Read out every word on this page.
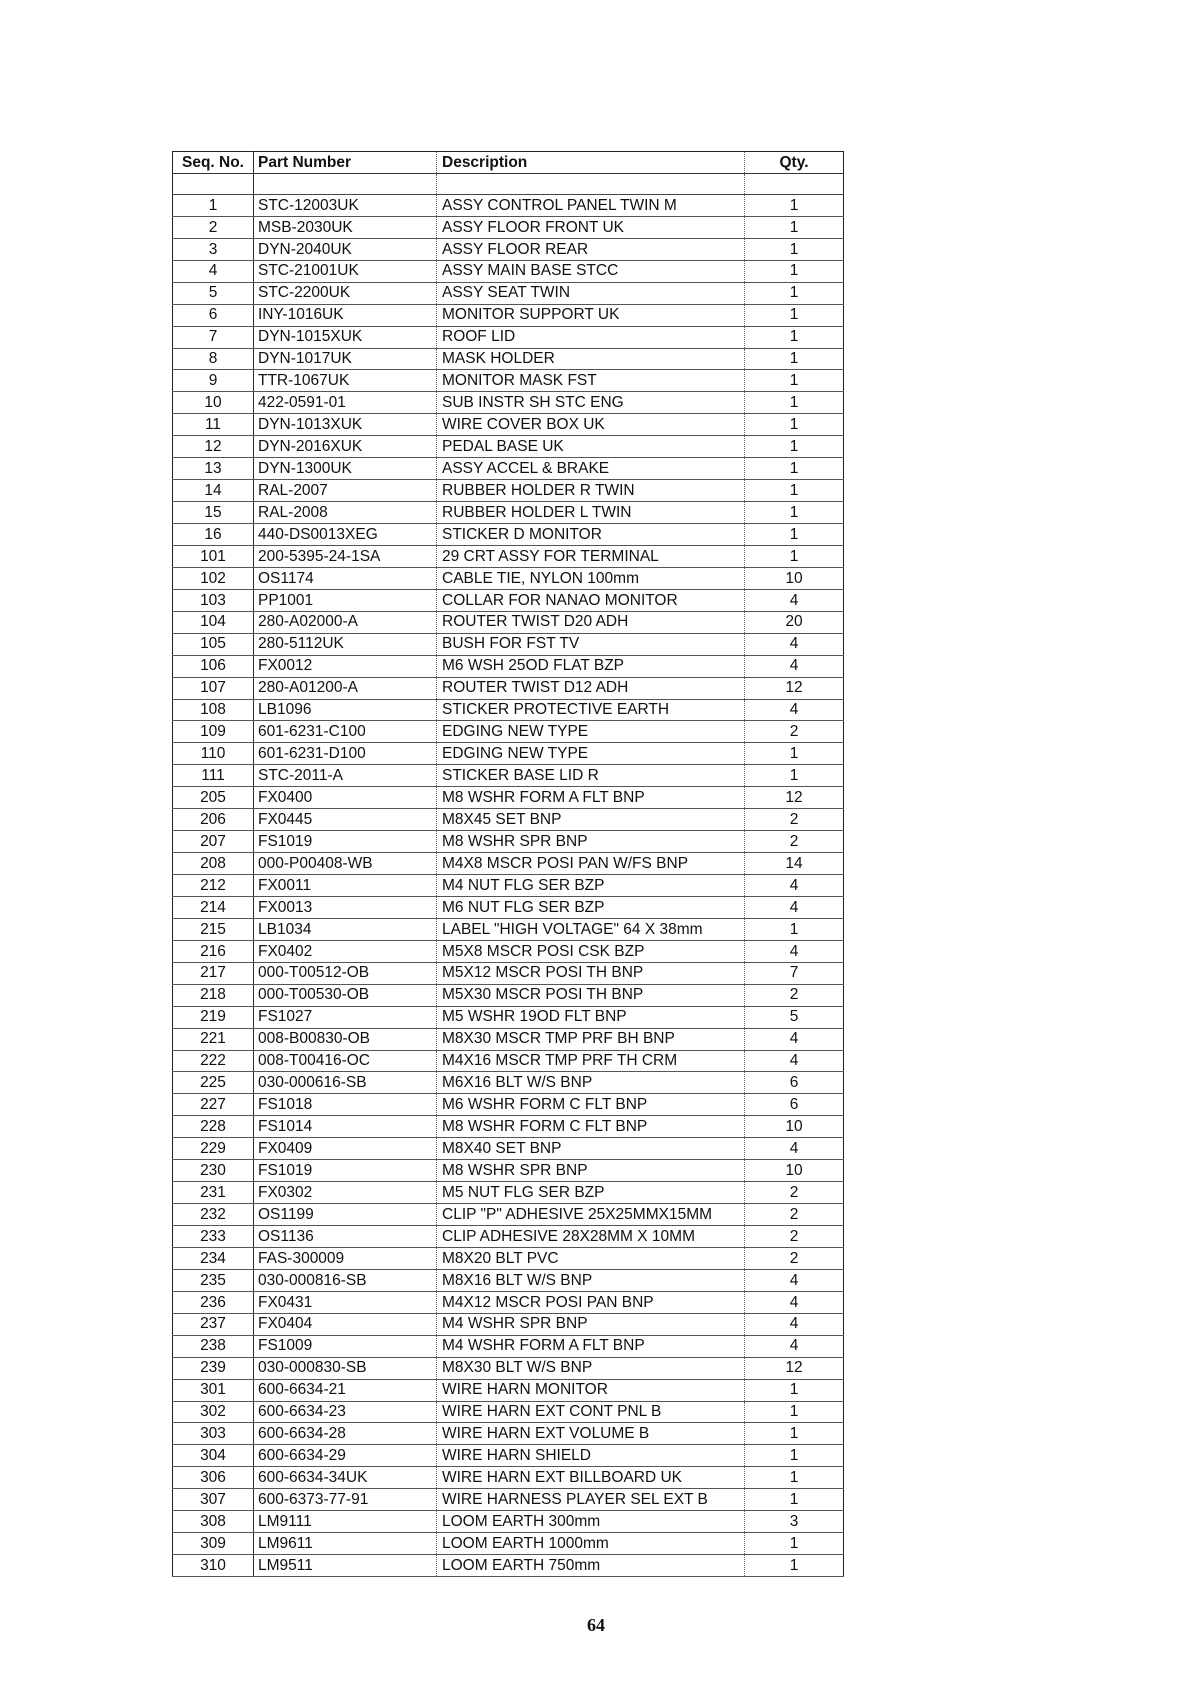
Seq. No.	Part Number	Description	Qty.

1	STC-12003UK	ASSY CONTROL PANEL TWIN M	1
2	MSB-2030UK	ASSY FLOOR FRONT UK	1
3	DYN-2040UK	ASSY FLOOR REAR	1
4	STC-21001UK	ASSY MAIN BASE STCC	1
5	STC-2200UK	ASSY SEAT TWIN	1
6	INY-1016UK	MONITOR SUPPORT UK	1
7	DYN-1015XUK	ROOF LID	1
8	DYN-1017UK	MASK HOLDER	1
9	TTR-1067UK	MONITOR MASK FST	1
10	422-0591-01	SUB INSTR SH STC ENG	1
11	DYN-1013XUK	WIRE COVER BOX UK	1
12	DYN-2016XUK	PEDAL BASE UK	1
13	DYN-1300UK	ASSY ACCEL & BRAKE	1
14	RAL-2007	RUBBER HOLDER R TWIN	1
15	RAL-2008	RUBBER HOLDER L TWIN	1
16	440-DS0013XEG	STICKER D MONITOR	1
101	200-5395-24-1SA	29 CRT ASSY FOR TERMINAL	1
102	OS1174	CABLE TIE, NYLON 100mm	10
103	PP1001	COLLAR FOR NANAO MONITOR	4
104	280-A02000-A	ROUTER TWIST D20 ADH	20
105	280-5112UK	BUSH FOR FST TV	4
106	FX0012	M6 WSH 25OD FLAT BZP	4
107	280-A01200-A	ROUTER TWIST D12 ADH	12
108	LB1096	STICKER PROTECTIVE EARTH	4
109	601-6231-C100	EDGING NEW TYPE	2
110	601-6231-D100	EDGING NEW TYPE	1
111	STC-2011-A	STICKER BASE LID R	1
205	FX0400	M8 WSHR FORM A FLT BNP	12
206	FX0445	M8X45 SET BNP	2
207	FS1019	M8 WSHR SPR BNP	2
208	000-P00408-WB	M4X8 MSCR POSI PAN W/FS BNP	14
212	FX0011	M4 NUT FLG SER BZP	4
214	FX0013	M6 NUT FLG SER BZP	4
215	LB1034	LABEL "HIGH VOLTAGE" 64 X 38mm	1
216	FX0402	M5X8 MSCR POSI CSK BZP	4
217	000-T00512-OB	M5X12 MSCR POSI TH BNP	7
218	000-T00530-OB	M5X30 MSCR POSI TH BNP	2
219	FS1027	M5 WSHR 19OD FLT BNP	5
221	008-B00830-OB	M8X30 MSCR TMP PRF BH BNP	4
222	008-T00416-OC	M4X16 MSCR TMP PRF TH CRM	4
225	030-000616-SB	M6X16 BLT W/S BNP	6
227	FS1018	M6 WSHR FORM C FLT BNP	6
228	FS1014	M8 WSHR FORM C FLT BNP	10
229	FX0409	M8X40 SET BNP	4
230	FS1019	M8 WSHR SPR BNP	10
231	FX0302	M5 NUT FLG SER BZP	2
232	OS1199	CLIP "P" ADHESIVE 25X25MMX15MM	2
233	OS1136	CLIP ADHESIVE 28X28MM X 10MM	2
234	FAS-300009	M8X20 BLT PVC	2
235	030-000816-SB	M8X16 BLT W/S BNP	4
236	FX0431	M4X12 MSCR POSI PAN BNP	4
237	FX0404	M4 WSHR SPR BNP	4
238	FS1009	M4 WSHR FORM A FLT BNP	4
239	030-000830-SB	M8X30 BLT W/S BNP	12
301	600-6634-21	WIRE HARN MONITOR	1
302	600-6634-23	WIRE HARN EXT CONT PNL B	1
303	600-6634-28	WIRE HARN EXT VOLUME B	1
304	600-6634-29	WIRE HARN SHIELD	1
306	600-6634-34UK	WIRE HARN EXT BILLBOARD UK	1
307	600-6373-77-91	WIRE HARNESS PLAYER SEL EXT B	1
308	LM9111	LOOM EARTH 300mm	3
309	LM9611	LOOM EARTH 1000mm	1
310	LM9511	LOOM EARTH 750mm	1
64
